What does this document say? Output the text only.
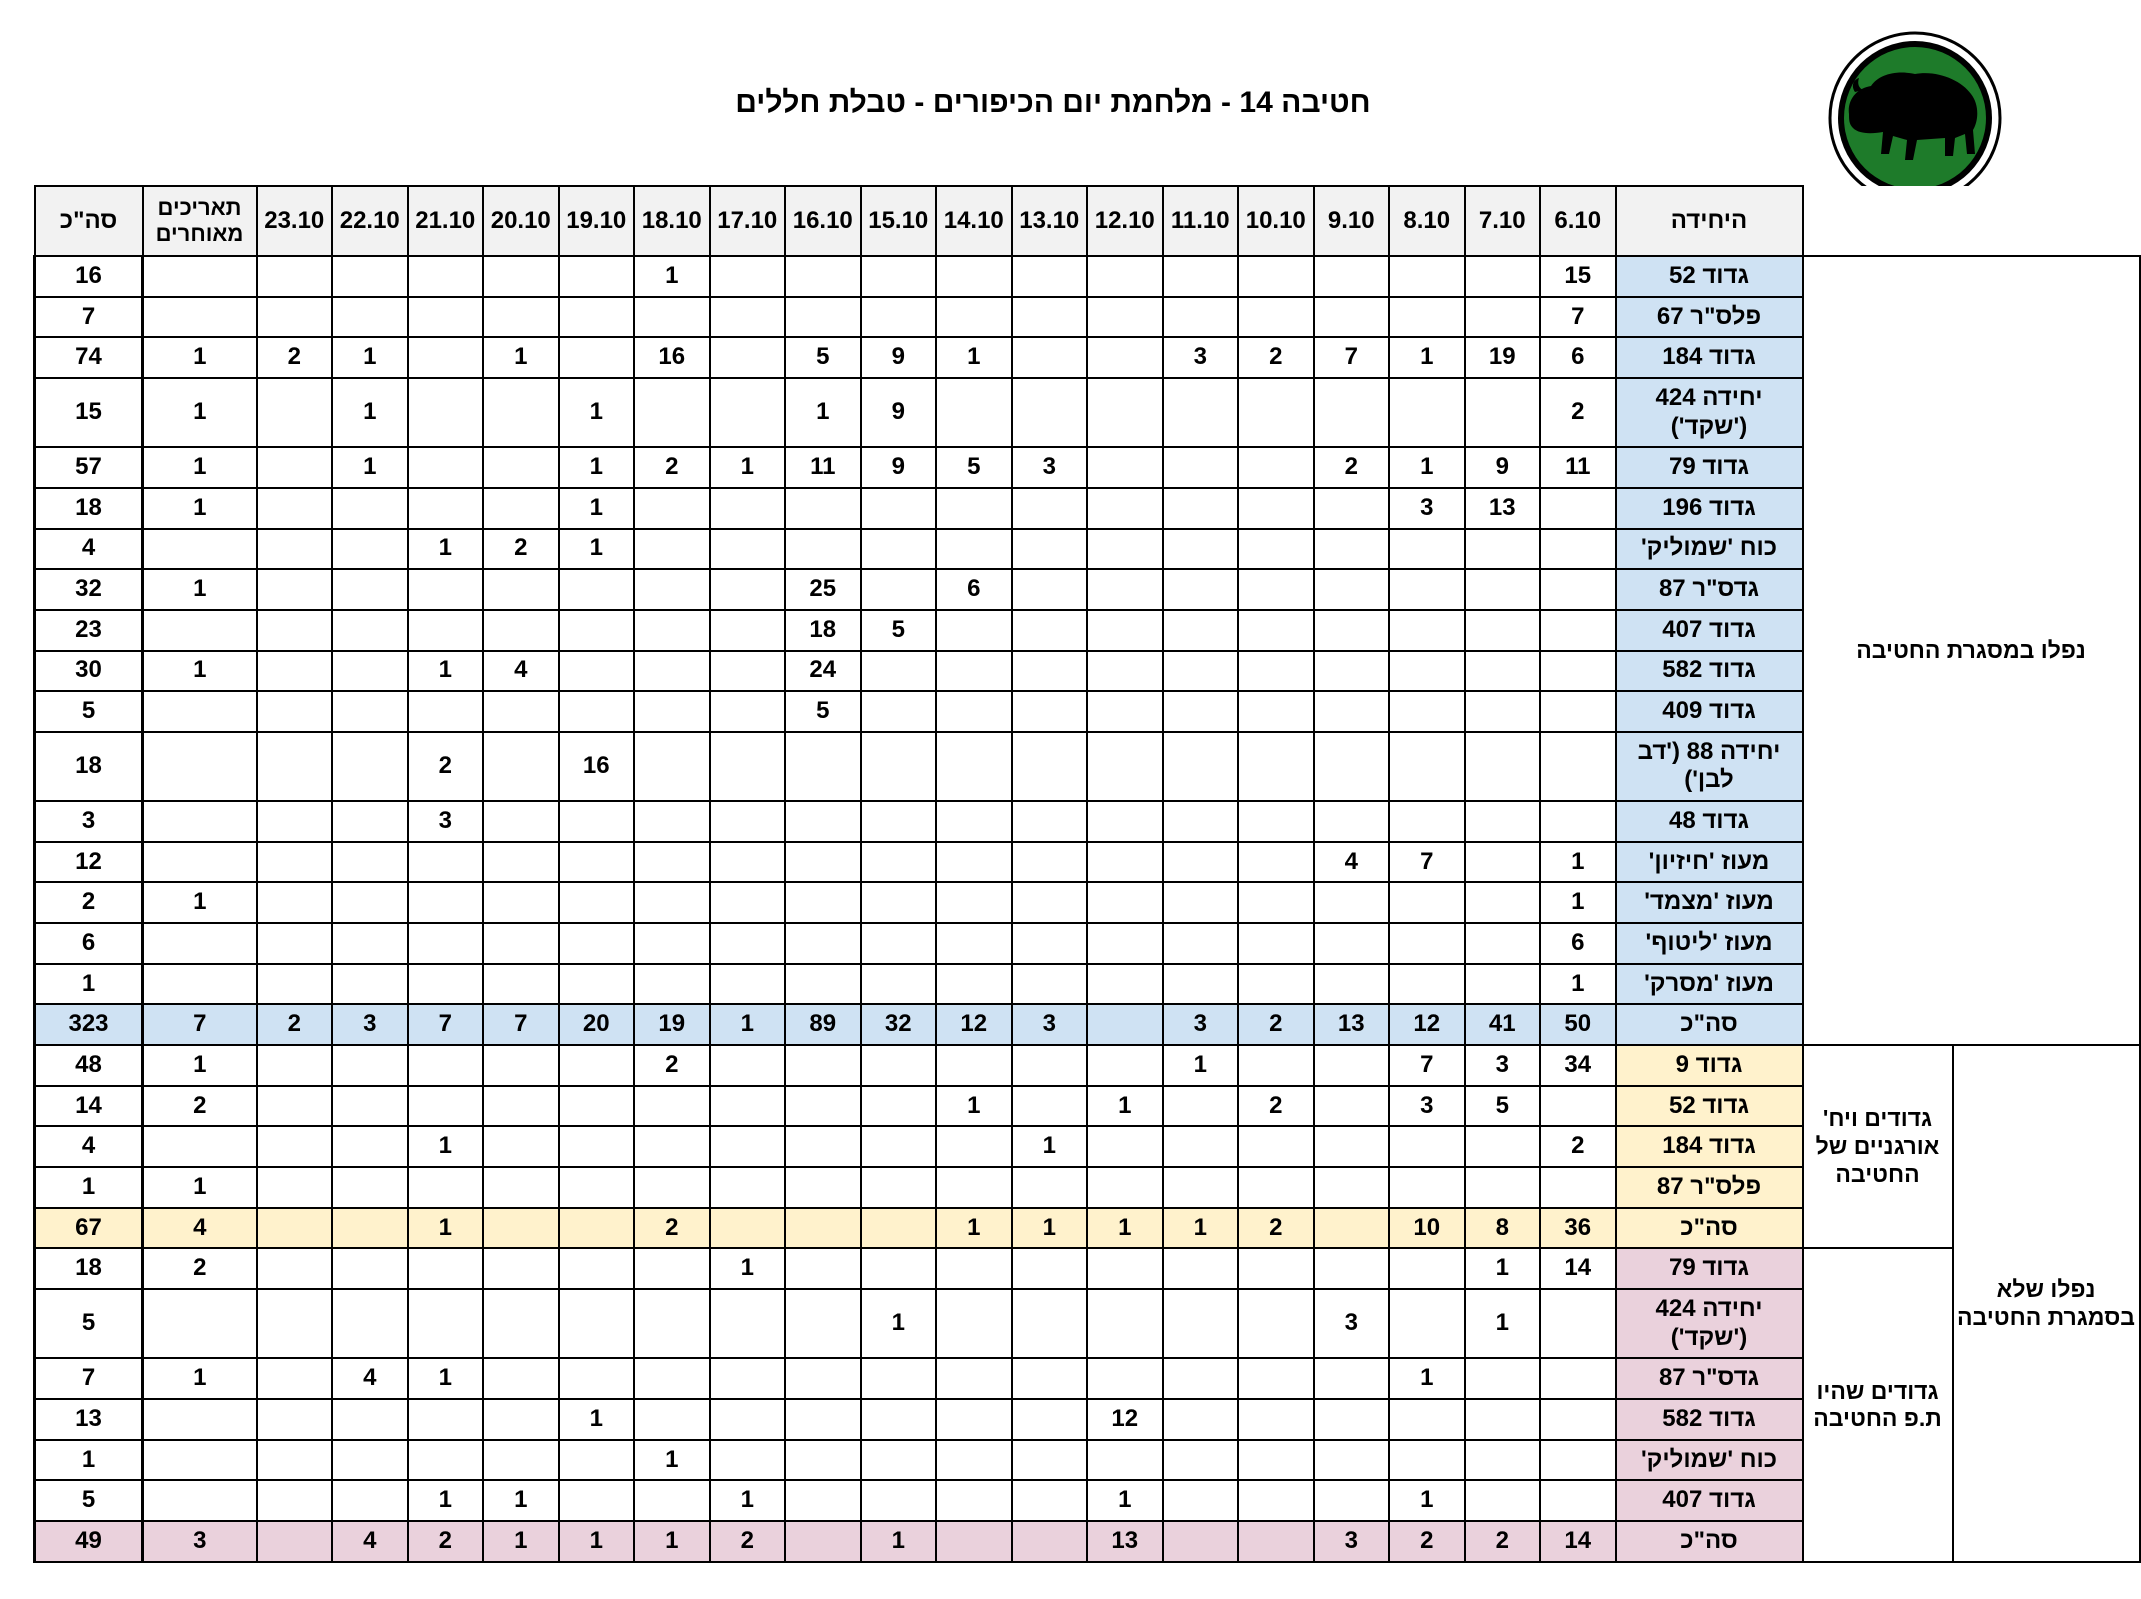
חטיבה 14 - מלחמת יום הכיפורים - טבלת חללים
		היחידה	6.10	7.10	8.10	9.10	10.10	11.10	12.10	13.10	14.10	15.10	16.10	17.10	18.10	19.10	20.10	21.10	22.10	23.10	תאריכים מאוחרים	סה"כ
נפלו במסגרת החטיבה		גדוד 52	15												1							16
		פלס"ר 67	7																			7
		גדוד 184	6	19	1	7	2	3			1	9	5		16		1		1	2	1	74
		יחידה 424 ('שקד')	2									9	1			1			1		1	15
		גדוד 79	11	9	1	2				3	5	9	11	1	2	1			1		1	57
		גדוד 196		13	3											1					1	18
		כוח 'שמוליק'														1	2	1				4
		גדס"ר 87									6		25								1	32
		גדוד 407										5	18									23
		גדוד 582											24				4	1			1	30
		גדוד 409											5									5
		יחידה 88 ('דב לבן')														16		2				18
		גדוד 48																3				3
		מעוז 'חיזיון'	1		7	4																12
		מעוז 'מצמד'	1																		1	2
		מעוז 'ליטוף'	6																			6
		מעוז 'מסרק'	1																			1
		סה"כ	50	41	12	13	2	3		3	12	32	89	1	19	20	7	7	3	2	7	323
נפלו שלא בסמגרת החטיבה	גדודים ויח' אורגניים של החטיבה	גדוד 9	34	3	7			1							2						1	48
		גדוד 52		5	3		2		1		1										2	14
		גדוד 184	2							1								1				4
		פלס"ר 87																			1	1
		סה"כ	36	8	10		2	1	1	1	1				2			1			4	67
	גדודים שהיו ת.פ החטיבה	גדוד 79	14	1										1							2	18
		יחידה 424 ('שקד')		1		3						1										5
		גדס"ר 87			1													1	4		1	7
		גדוד 582							12							1						13
		כוח 'שמוליק'													1							1
		גדוד 407			1				1					1			1	1				5
		סה"כ	14	2	2	3			13			1		2	1	1	1	2	4		3	49
